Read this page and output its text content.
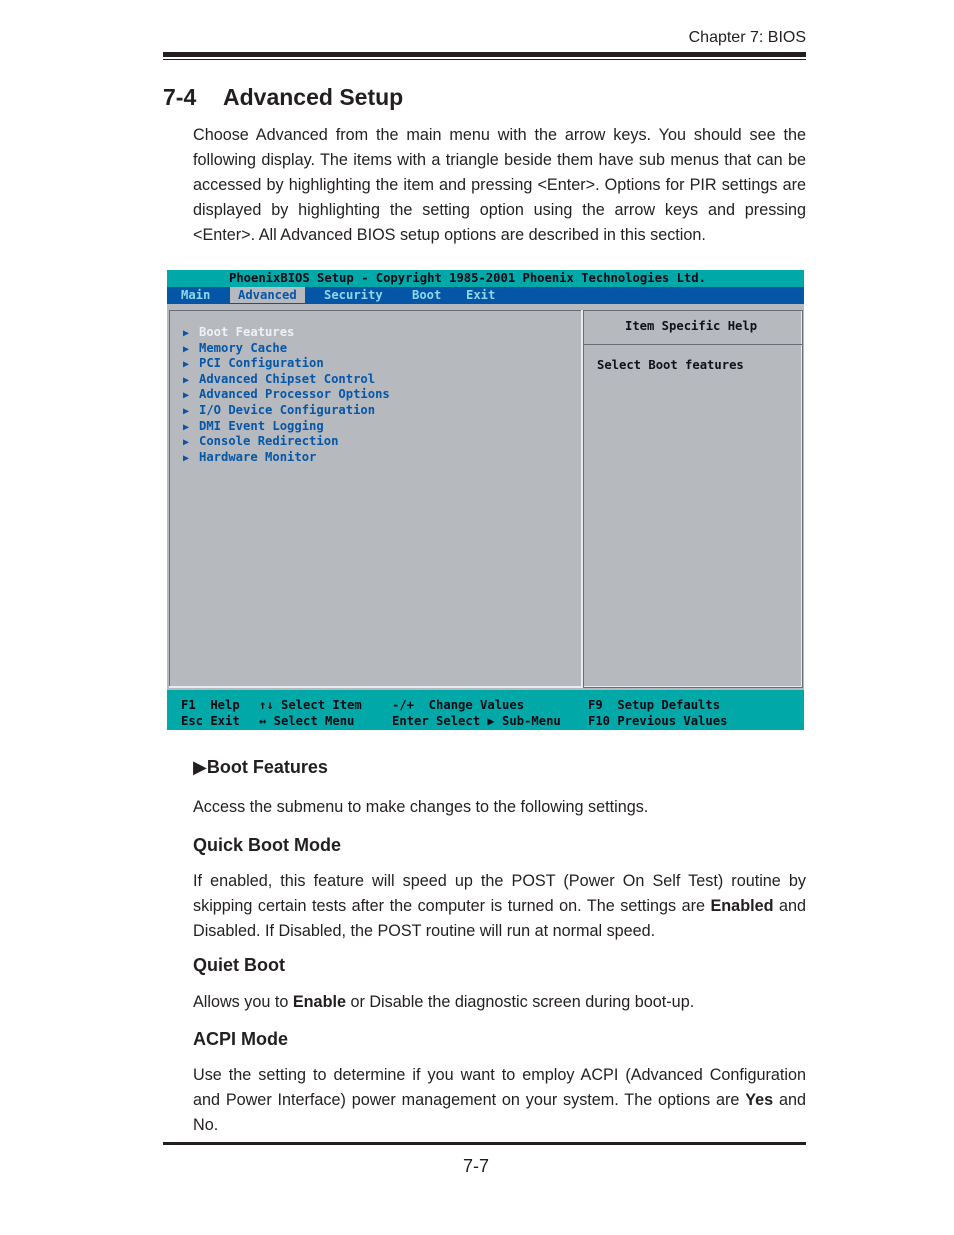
Chapter 7: BIOS
7-4 Advanced Setup
Choose Advanced from the main menu with the arrow keys. You should see the following display. The items with a triangle beside them have sub menus that can be accessed by highlighting the item and pressing <Enter>. Options for PIR settings are displayed by highlighting the setting option using the arrow keys and pressing <Enter>. All Advanced BIOS setup options are described in this section.
PhoenixBIOS Setup - Copyright 1985-2001 Phoenix Technologies Ltd.
Main	Advanced	Security Boot Exit
▶ Boot Features
▶ Memory Cache
▶ PCI Configuration
▶ Advanced Chipset Control
▶ Advanced Processor Options
▶ I/O Device Configuration
▶ DMI Event Logging
▶ Console Redirection
▶ Hardware Monitor
Item Specific Help
Select Boot features
F1  Help ↑↓ Select Item -/+  Change Values	F9  Setup Defaults
Esc Exit ↔ Select Menu	Enter Select ▶ Sub-Menu F10 Previous Values
▶Boot Features
Access the submenu to make changes to the following settings.
Quick Boot Mode
If enabled, this feature will speed up the POST (Power On Self Test) routine by skipping certain tests after the computer is turned on. The settings are Enabled and Disabled. If Disabled, the POST routine will run at normal speed.
Quiet Boot
Allows you to Enable or Disable the diagnostic screen during boot-up.
ACPI Mode
Use the setting to determine if you want to employ ACPI (Advanced Configuration and Power Interface) power management on your system. The options are Yes and No.
7-7
